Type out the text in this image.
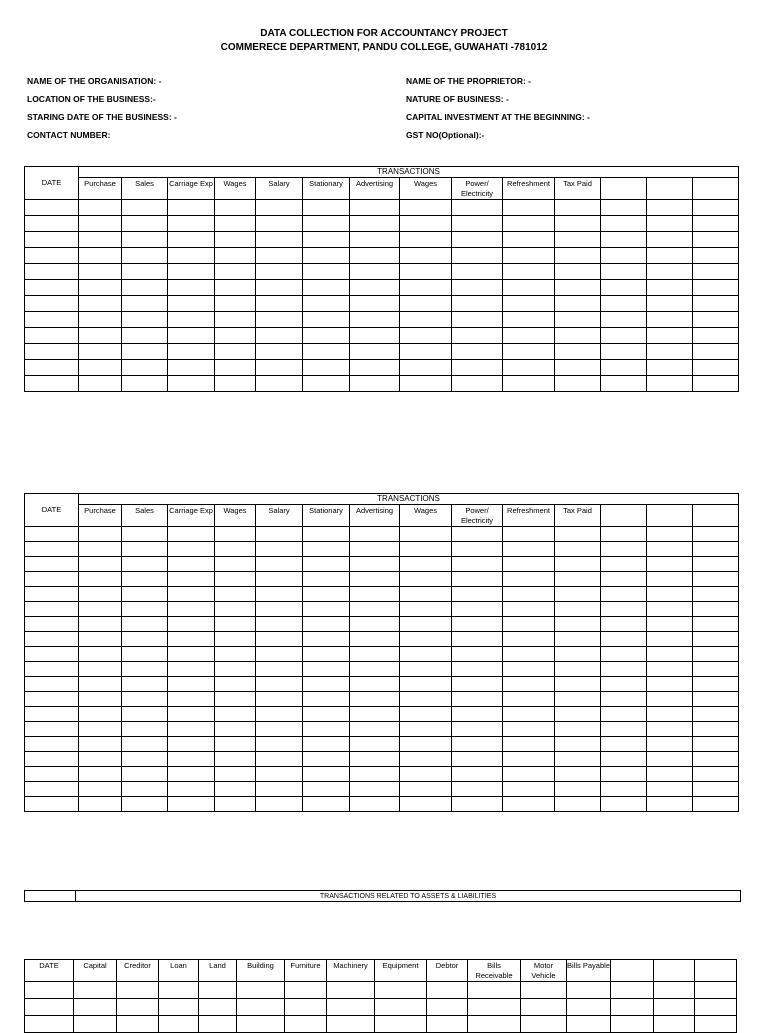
DATA COLLECTION FOR ACCOUNTANCY PROJECT
COMMERECE DEPARTMENT, PANDU COLLEGE, GUWAHATI -781012
NAME OF THE ORGANISATION: -
LOCATION OF THE BUSINESS:-
STARING DATE OF THE BUSINESS: -
CONTACT NUMBER:
NAME OF THE PROPRIETOR: -
NATURE OF BUSINESS: -
CAPITAL INVESTMENT AT THE BEGINNING: -
GST NO(Optional):-
DATE	TRANSACTIONS													
	Purchase	Sales	Carriage Exp	Wages	Salary	Stationary	Advertising	Wages	Power/ Electricity	Refreshment	Tax Paid			

DATE	TRANSACTIONS													
	Purchase	Sales	Carriage Exp	Wages	Salary	Stationary	Advertising	Wages	Power/ Electricity	Refreshment	Tax Paid			

	TRANSACTIONS RELATED TO ASSETS & LIABILITIES
DATE	Capital	Creditor	Loan	Land	Building	Furniture	Machinery	Equipment	Debtor	Bills Receivable	Motor Vehicle	Bills Payable			
